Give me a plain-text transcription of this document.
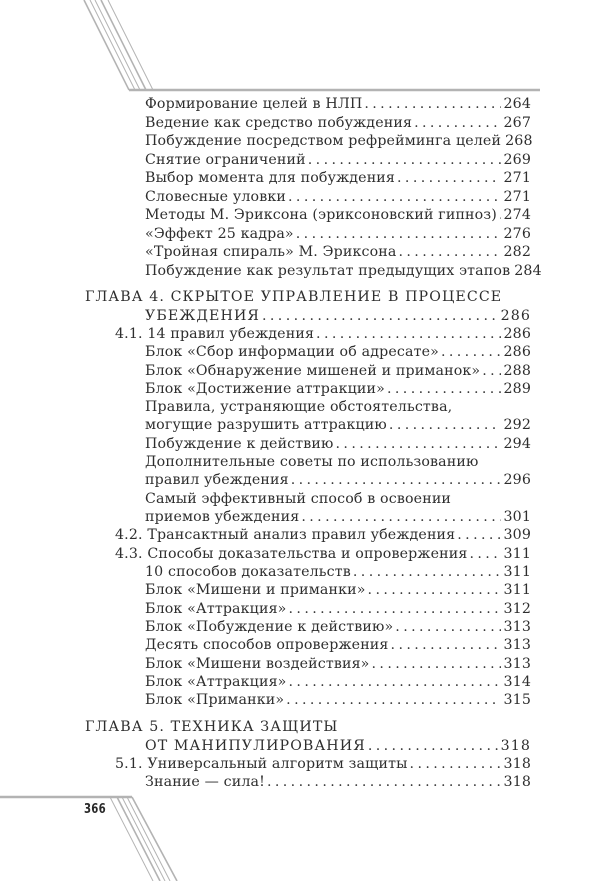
Формирование целей в НЛП .....	264
Ведение как средство побуждения .....	267
Побуждение посредством рефрейминга целей 268
Снятие ограничений .....	269
Выбор момента для побуждения .....	271
Словесные уловки .....	271
Методы М. Эриксона (эриксоновский гипноз) ..... 274
«Эффект 25 кадра» .....	276
«Тройная спираль» М. Эриксона .....	282
Побуждение как результат предыдущих этапов 284
ГЛАВА 4. СКРЫТОЕ УПРАВЛЕНИЕ В ПРОЦЕССЕ
УБЕЖДЕНИЯ .....	286
4.1. 14 правил убеждения .....	286
Блок «Сбор информации об адресате» .....	286
Блок «Обнаружение мишеней и приманок» ..... 288
Блок «Достижение аттракции» .....	289
Правила, устраняющие обстоятельства,
могущие разрушить аттракцию .....	292
Побуждение к действию .....	294
Дополнительные советы по использованию
правил убеждения .....	296
Самый эффективный способ в освоении
приемов убеждения .....	301
4.2. Трансактный анализ правил убеждения .....	309
4.3. Способы доказательства и опровержения .....	311
10 способов доказательств .....	311
Блок «Мишени и приманки» .....	311
Блок «Аттракция» .....	312
Блок «Побуждение к действию» .....	313
Десять способов опровержения .....	313
Блок «Мишени воздействия» .....	313
Блок «Аттракция» .....	314
Блок «Приманки» .....	315
ГЛАВА 5. ТЕХНИКА ЗАЩИТЫ
ОТ МАНИПУЛИРОВАНИЯ .....	318
5.1. Универсальный алгоритм защиты .....	318
Знание — сила! .....	318
366
